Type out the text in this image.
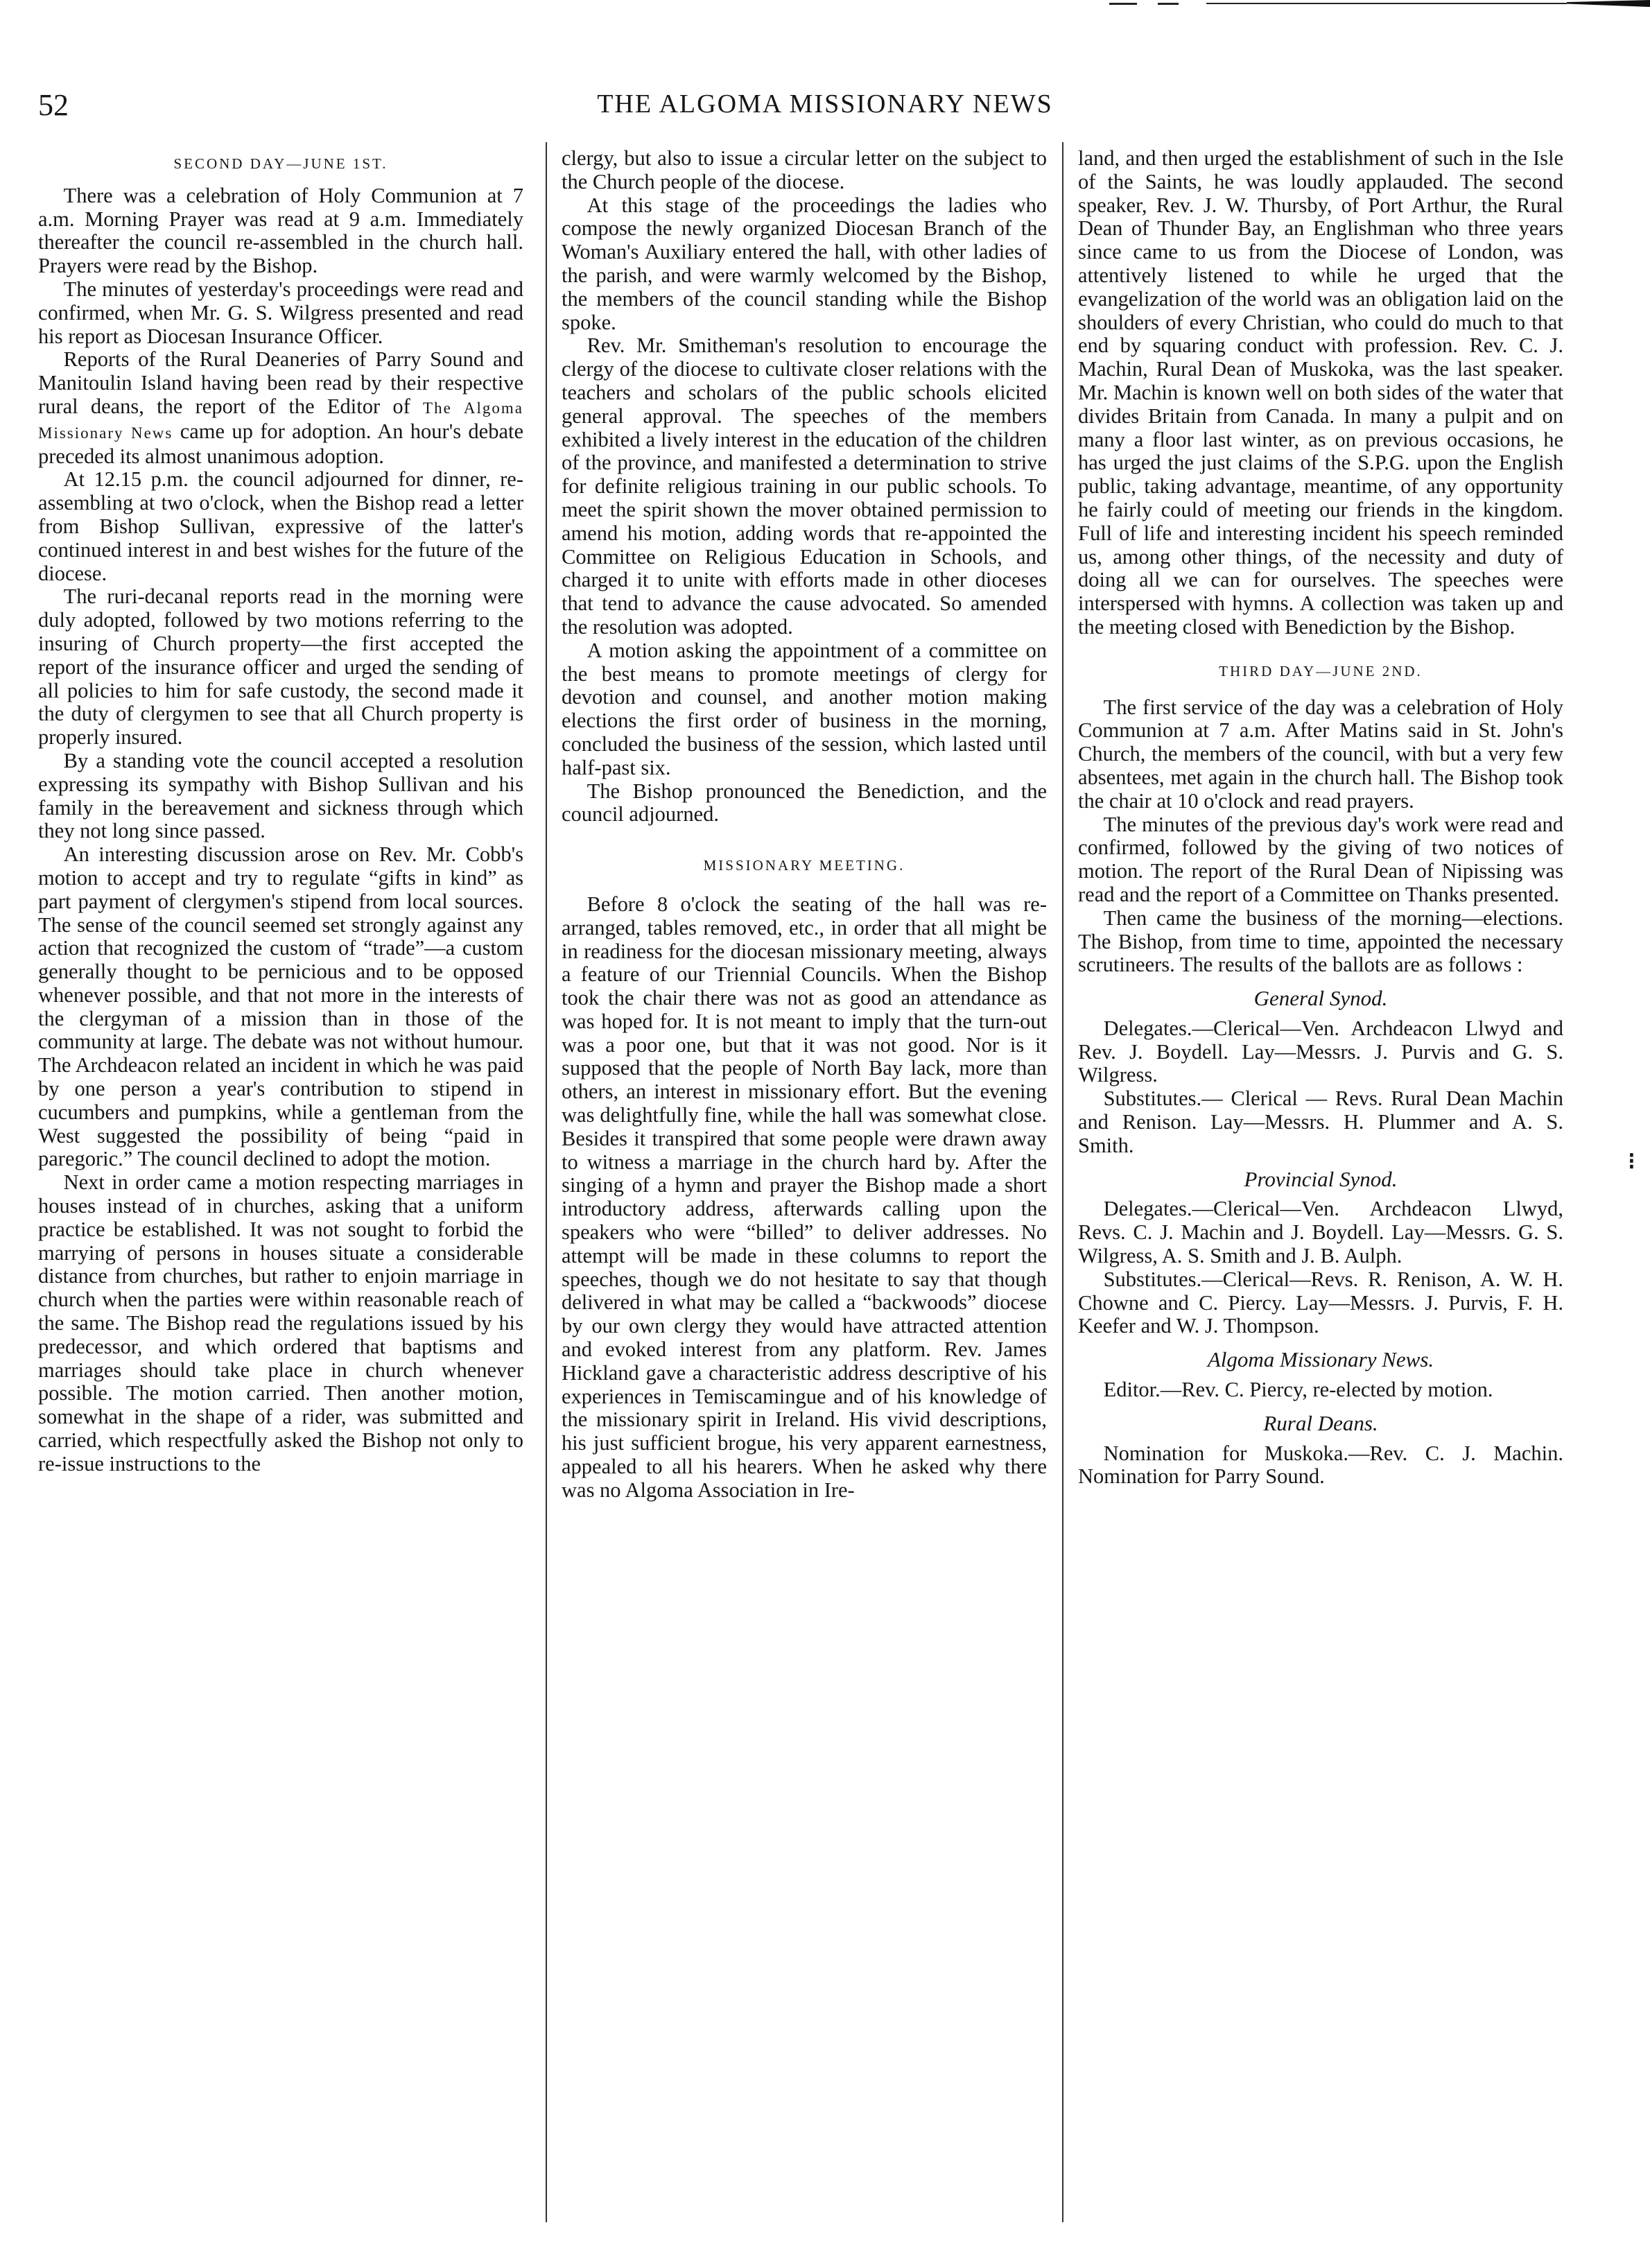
52	THE ALGOMA MISSIONARY NEWS
SECOND DAY—JUNE 1ST.

There was a celebration of Holy Communion at 7 a.m. Morning Prayer was read at 9 a.m. Immediately thereafter the council re-assembled in the church hall. Prayers were read by the Bishop.

The minutes of yesterday's proceedings were read and confirmed, when Mr. G. S. Wilgress presented and read his report as Diocesan Insurance Officer.

Reports of the Rural Deaneries of Parry Sound and Manitoulin Island having been read by their respective rural deans, the report of the Editor of The Algoma Missionary News came up for adoption. An hour's debate preceded its almost unanimous adoption.

At 12.15 p.m. the council adjourned for dinner, re-assembling at two o'clock, when the Bishop read a letter from Bishop Sullivan, expressive of the latter's continued interest in and best wishes for the future of the diocese.

The ruri-decanal reports read in the morning were duly adopted, followed by two motions referring to the insuring of Church property—the first accepted the report of the insurance officer and urged the sending of all policies to him for safe custody, the second made it the duty of clergymen to see that all Church property is properly insured.

By a standing vote the council accepted a resolution expressing its sympathy with Bishop Sullivan and his family in the bereavement and sickness through which they not long since passed.

An interesting discussion arose on Rev. Mr. Cobb's motion to accept and try to regulate “gifts in kind” as part payment of clergymen's stipend from local sources. The sense of the council seemed set strongly against any action that recognized the custom of “trade”—a custom generally thought to be pernicious and to be opposed whenever possible, and that not more in the interests of the clergyman of a mission than in those of the community at large. The debate was not without humour. The Archdeacon related an incident in which he was paid by one person a year's contribution to stipend in cucumbers and pumpkins, while a gentleman from the West suggested the possibility of being “paid in paregoric.” The council declined to adopt the motion.

Next in order came a motion respecting marriages in houses instead of in churches, asking that a uniform practice be established. It was not sought to forbid the marrying of persons in houses situate a considerable distance from churches, but rather to enjoin marriage in church when the parties were within reasonable reach of the same. The Bishop read the regulations issued by his predecessor, and which ordered that baptisms and marriages should take place in church whenever possible. The motion carried. Then another motion, somewhat in the shape of a rider, was submitted and carried, which respectfully asked the Bishop not only to re-issue instructions to the

clergy, but also to issue a circular letter on the subject to the Church people of the diocese.

At this stage of the proceedings the ladies who compose the newly organized Diocesan Branch of the Woman's Auxiliary entered the hall, with other ladies of the parish, and were warmly welcomed by the Bishop, the members of the council standing while the Bishop spoke.

Rev. Mr. Smitheman's resolution to encourage the clergy of the diocese to cultivate closer relations with the teachers and scholars of the public schools elicited general approval. The speeches of the members exhibited a lively interest in the education of the children of the province, and manifested a determination to strive for definite religious training in our public schools. To meet the spirit shown the mover obtained permission to amend his motion, adding words that re-appointed the Committee on Religious Education in Schools, and charged it to unite with efforts made in other dioceses that tend to advance the cause advocated. So amended the resolution was adopted.

A motion asking the appointment of a committee on the best means to promote meetings of clergy for devotion and counsel, and another motion making elections the first order of business in the morning, concluded the business of the session, which lasted until half-past six.

The Bishop pronounced the Benediction, and the council adjourned.

MISSIONARY MEETING.

Before 8 o'clock the seating of the hall was re-arranged, tables removed, etc., in order that all might be in readiness for the diocesan missionary meeting, always a feature of our Triennial Councils. When the Bishop took the chair there was not as good an attendance as was hoped for. It is not meant to imply that the turn-out was a poor one, but that it was not good. Nor is it supposed that the people of North Bay lack, more than others, an interest in missionary effort. But the evening was delightfully fine, while the hall was somewhat close. Besides it transpired that some people were drawn away to witness a marriage in the church hard by. After the singing of a hymn and prayer the Bishop made a short introductory address, afterwards calling upon the speakers who were “billed” to deliver addresses. No attempt will be made in these columns to report the speeches, though we do not hesitate to say that though delivered in what may be called a “backwoods” diocese by our own clergy they would have attracted attention and evoked interest from any platform. Rev. James Hickland gave a characteristic address descriptive of his experiences in Temiscamingue and of his knowledge of the missionary spirit in Ireland. His vivid descriptions, his just sufficient brogue, his very apparent earnestness, appealed to all his hearers. When he asked why there was no Algoma Association in Ire-

land, and then urged the establishment of such in the Isle of the Saints, he was loudly applauded. The second speaker, Rev. J. W. Thursby, of Port Arthur, the Rural Dean of Thunder Bay, an Englishman who three years since came to us from the Diocese of London, was attentively listened to while he urged that the evangelization of the world was an obligation laid on the shoulders of every Christian, who could do much to that end by squaring conduct with profession. Rev. C. J. Machin, Rural Dean of Muskoka, was the last speaker. Mr. Machin is known well on both sides of the water that divides Britain from Canada. In many a pulpit and on many a floor last winter, as on previous occasions, he has urged the just claims of the S.P.G. upon the English public, taking advantage, meantime, of any opportunity he fairly could of meeting our friends in the kingdom. Full of life and interesting incident his speech reminded us, among other things, of the necessity and duty of doing all we can for ourselves. The speeches were interspersed with hymns. A collection was taken up and the meeting closed with Benediction by the Bishop.

THIRD DAY—JUNE 2ND.

The first service of the day was a celebration of Holy Communion at 7 a.m. After Matins said in St. John's Church, the members of the council, with but a very few absentees, met again in the church hall. The Bishop took the chair at 10 o'clock and read prayers.

The minutes of the previous day's work were read and confirmed, followed by the giving of two notices of motion. The report of the Rural Dean of Nipissing was read and the report of a Committee on Thanks presented.

Then came the business of the morning—elections. The Bishop, from time to time, appointed the necessary scrutineers. The results of the ballots are as follows :

General Synod.

Delegates.—Clerical—Ven. Archdeacon Llwyd and Rev. J. Boydell. Lay—Messrs. J. Purvis and G. S. Wilgress.

Substitutes.— Clerical — Revs. Rural Dean Machin and Renison. Lay—Messrs. H. Plummer and A. S. Smith.

Provincial Synod.

Delegates.—Clerical—Ven. Archdeacon Llwyd, Revs. C. J. Machin and J. Boydell. Lay—Messrs. G. S. Wilgress, A. S. Smith and J. B. Aulph.

Substitutes.—Clerical—Revs. R. Renison, A. W. H. Chowne and C. Piercy. Lay—Messrs. J. Purvis, F. H. Keefer and W. J. Thompson.

Algoma Missionary News.

Editor.—Rev. C. Piercy, re-elected by motion.

Rural Deans.

Nomination for Muskoka.—Rev. C. J. Machin. Nomination for Parry Sound.

⁝
